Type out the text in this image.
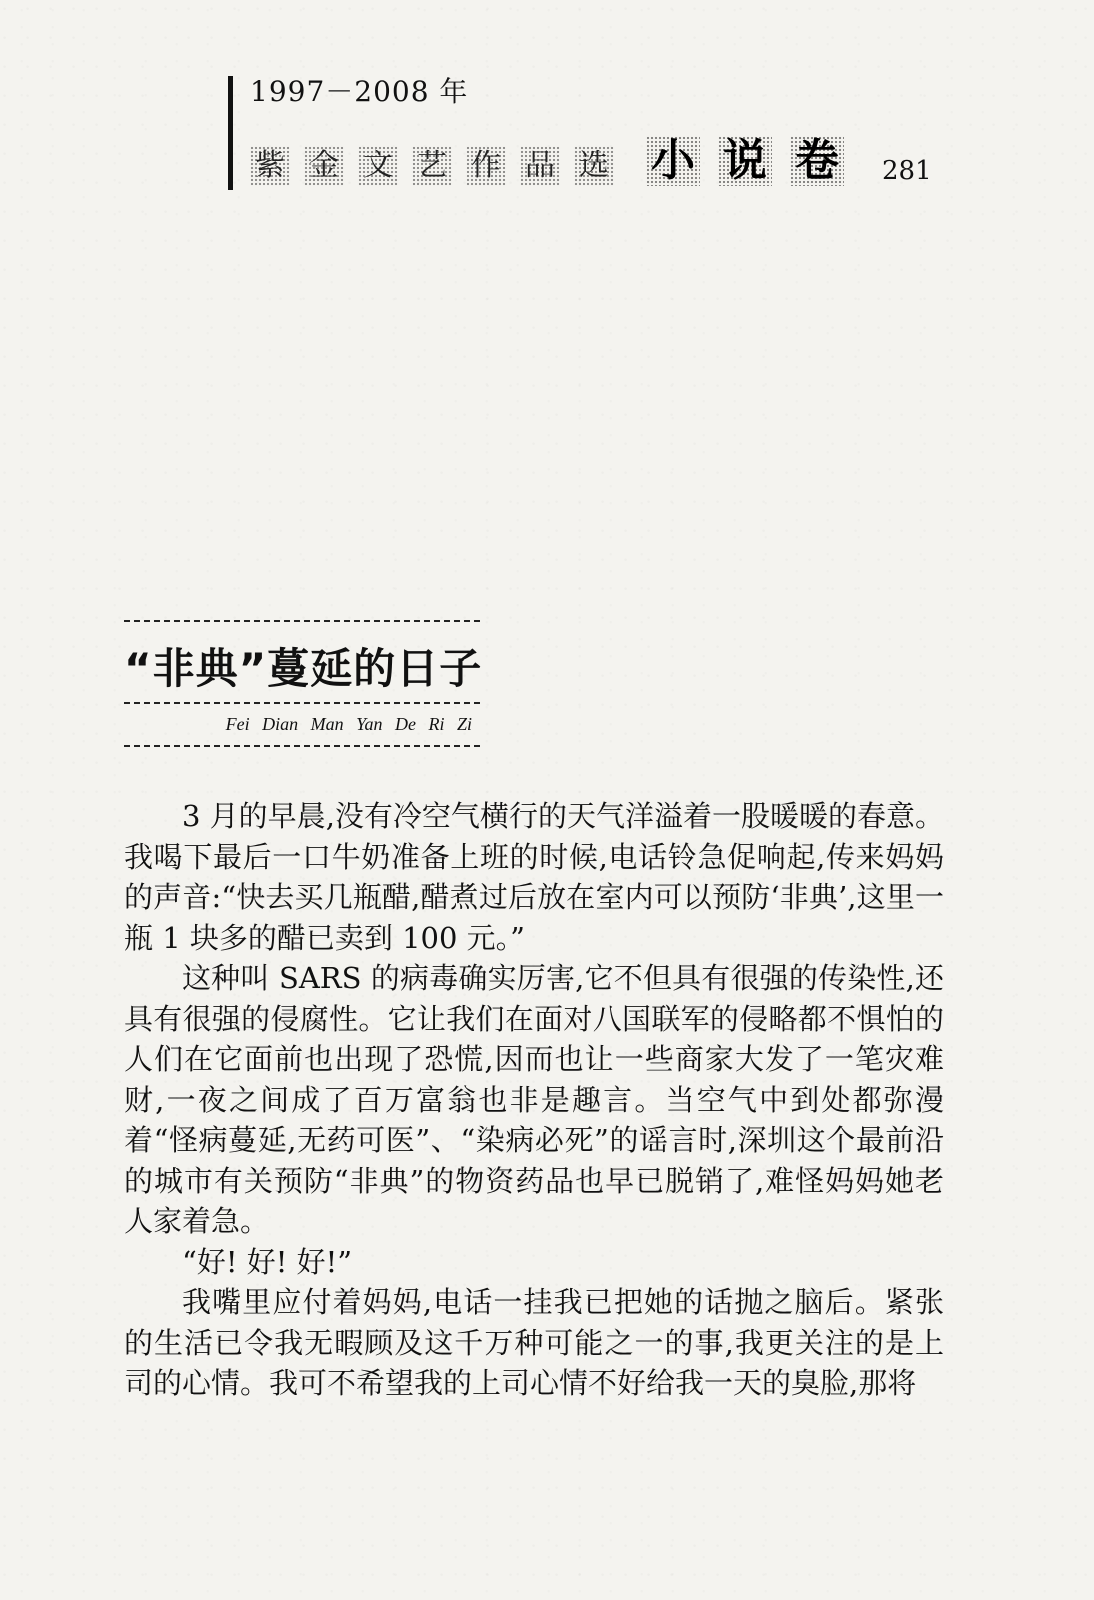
1997－2008 年
紫 金 文 艺 作 品 选 小 说 卷 281
“非典”蔓延的日子
Fei Dian Man Yan De Ri Zi

3 月的早晨,没有冷空气横行的天气洋溢着一股暖暖的春意。我喝下最后一口牛奶准备上班的时候,电话铃急促响起,传来妈妈的声音:“快去买几瓶醋,醋煮过后放在室内可以预防‘非典’,这里一瓶 1 块多的醋已卖到 100 元。”

这种叫 SARS 的病毒确实厉害,它不但具有很强的传染性,还具有很强的侵腐性。它让我们在面对八国联军的侵略都不惧怕的人们在它面前也出现了恐慌,因而也让一些商家大发了一笔灾难财,一夜之间成了百万富翁也非是趣言。当空气中到处都弥漫着“怪病蔓延,无药可医”、“染病必死”的谣言时,深圳这个最前沿的城市有关预防“非典”的物资药品也早已脱销了,难怪妈妈她老人家着急。

“好! 好! 好!”

我嘴里应付着妈妈,电话一挂我已把她的话抛之脑后。紧张的生活已令我无暇顾及这千万种可能之一的事,我更关注的是上司的心情。我可不希望我的上司心情不好给我一天的臭脸,那将
